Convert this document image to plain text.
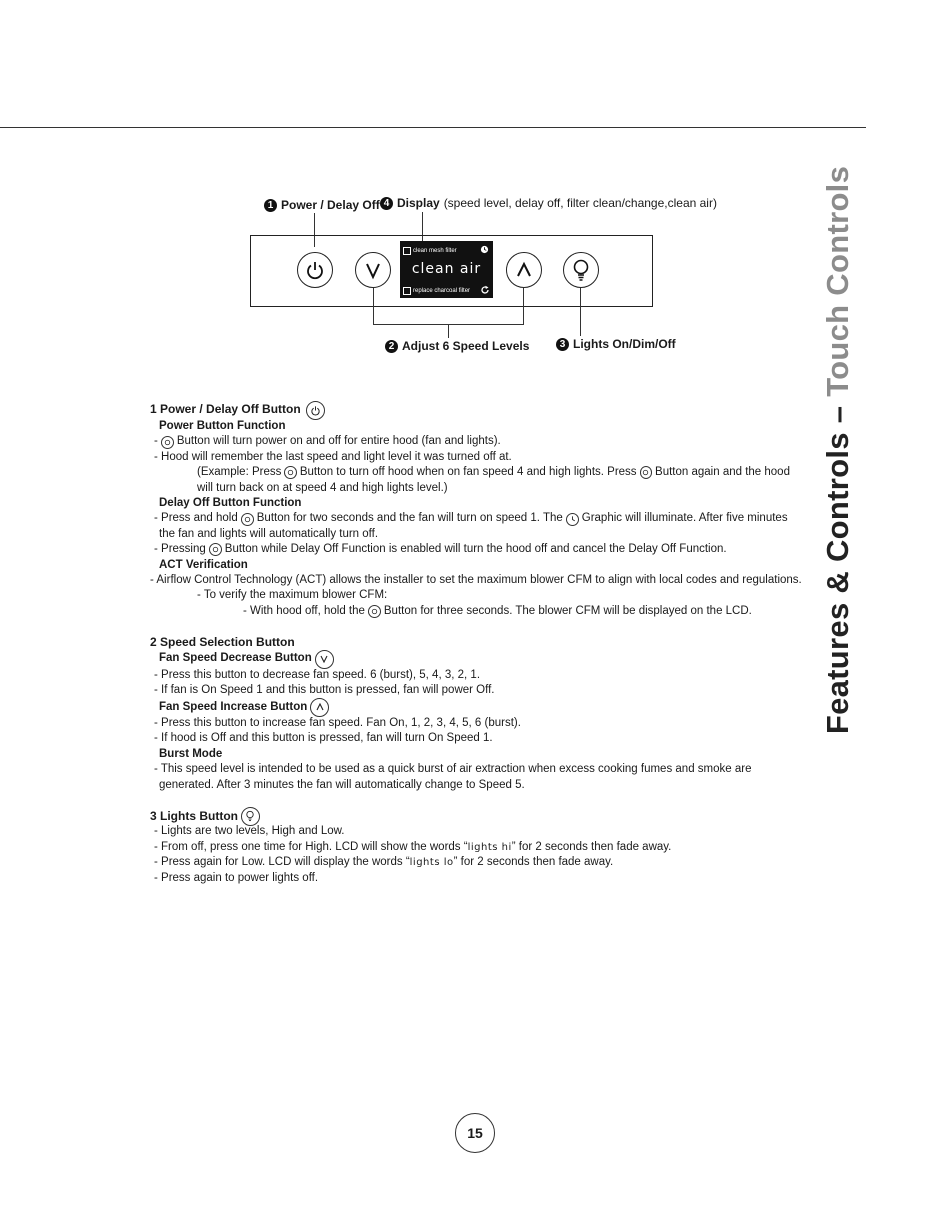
Features & Controls – Touch Controls
1 Power / Delay Off 4 Display (speed level, delay off, filter clean/change,clean air)
clean mesh filter
clean air
replace charcoal filter
2 Adjust 6 Speed Levels	3 Lights On/Dim/Off
1 Power / Delay Off Button
Power Button Function
- Button will turn power on and off for entire hood (fan and lights).
- Hood will remember the last speed and light level it was turned off at.
(Example: Press Button to turn off hood when on fan speed 4 and high lights. Press Button again and the hood
will turn back on at speed 4 and high lights level.)
Delay Off Button Function
- Press and hold Button for two seconds and the fan will turn on speed 1. The Graphic will illuminate. After five minutes
the fan and lights will automatically turn off.
- Pressing Button while Delay Off Function is enabled will turn the hood off and cancel the Delay Off Function.
ACT Verification
- Airflow Control Technology (ACT) allows the installer to set the maximum blower CFM to align with local codes and regulations.
- To verify the maximum blower CFM:
- With hood off, hold the Button for three seconds. The blower CFM will be displayed on the LCD.
2 Speed Selection Button
Fan Speed Decrease Button
- Press this button to decrease fan speed. 6 (burst), 5, 4, 3, 2, 1.
- If fan is On Speed 1 and this button is pressed, fan will power Off.
Fan Speed Increase Button
- Press this button to increase fan speed. Fan On, 1, 2, 3, 4, 5, 6 (burst).
- If hood is Off and this button is pressed, fan will turn On Speed 1.
Burst Mode
- This speed level is intended to be used as a quick burst of air extraction when excess cooking fumes and smoke are
generated. After 3 minutes the fan will automatically change to Speed 5.
3 Lights Button
- Lights are two levels, High and Low.
- From off, press one time for High. LCD will show the words “ lights hi ” for 2 seconds then fade away.
- Press again for Low. LCD will display the words “ lights lo ” for 2 seconds then fade away.
- Press again to power lights off.
15
